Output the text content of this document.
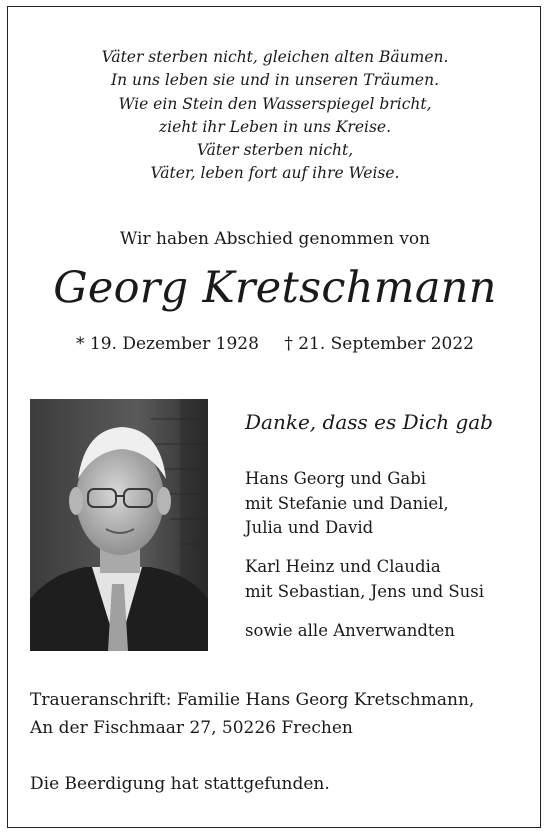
Väter sterben nicht, gleichen alten Bäumen.
In uns leben sie und in unseren Träumen.
Wie ein Stein den Wasserspiegel bricht,
zieht ihr Leben in uns Kreise.
Väter sterben nicht,
Väter, leben fort auf ihre Weise.
Wir haben Abschied genommen von
Georg Kretschmann
* 19. Dezember 1928 † 21. September 2022
Danke, dass es Dich gab
Hans Georg und Gabi
mit Stefanie und Daniel,
Julia und David
Karl Heinz und Claudia
mit Sebastian, Jens und Susi
sowie alle Anverwandten
Traueranschrift: Familie Hans Georg Kretschmann,
An der Fischmaar 27, 50226 Frechen
Die Beerdigung hat stattgefunden.
